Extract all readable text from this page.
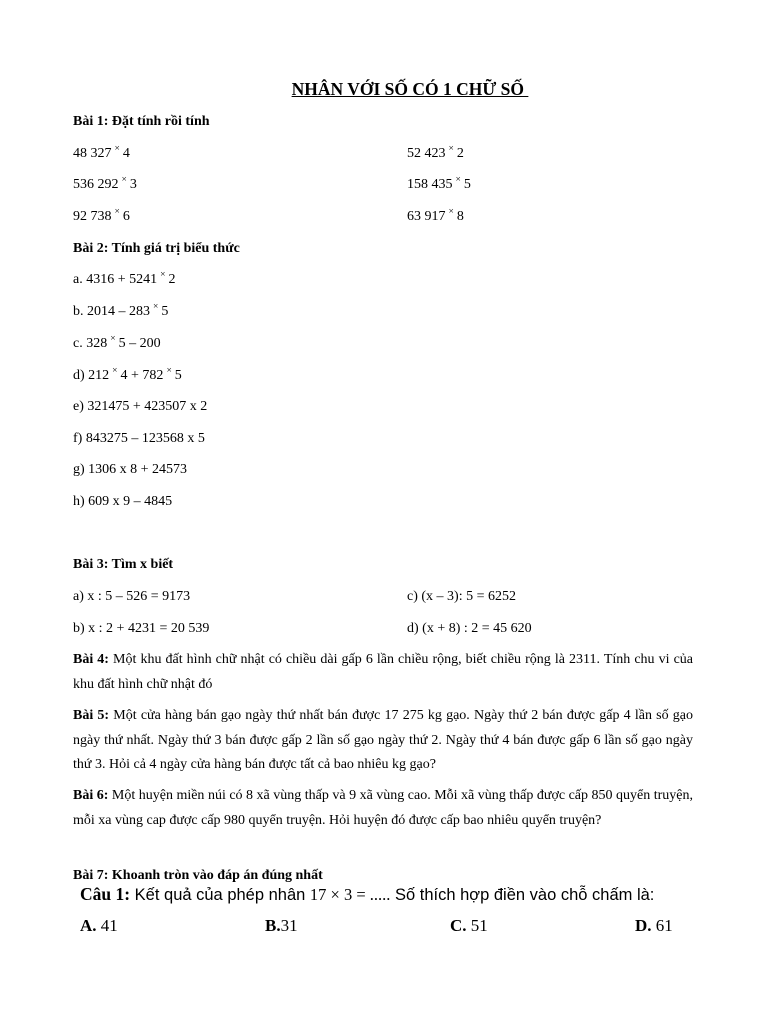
NHÂN VỚI SỐ CÓ 1 CHỮ SỐ
Bài 1: Đặt tính rồi tính
48 327 × 4	52 423 × 2
536 292 × 3	158 435 × 5
92 738 × 6	63 917 × 8
Bài 2: Tính giá trị biểu thức
a. 4316 + 5241 × 2
b. 2014 – 283 × 5
c. 328 × 5 – 200
d) 212 × 4 + 782 × 5
e) 321475 + 423507 x 2
f) 843275 – 123568 x 5
g) 1306 x 8 + 24573
h) 609 x 9 – 4845
Bài 3: Tìm x biết
a) x : 5 – 526 = 9173	c) (x – 3): 5 = 6252
b) x : 2 + 4231 = 20 539	d) (x + 8) : 2 = 45 620
Bài 4: Một khu đất hình chữ nhật có chiều dài gấp 6 lần chiều rộng, biết chiều rộng là 2311. Tính chu vi của khu đất hình chữ nhật đó
Bài 5: Một cửa hàng bán gạo ngày thứ nhất bán được 17 275 kg gạo. Ngày thứ 2 bán được gấp 4 lần số gạo ngày thứ nhất. Ngày thứ 3 bán được gấp 2 lần số gạo ngày thứ 2. Ngày thứ 4 bán được gấp 6 lần số gạo ngày thứ 3. Hỏi cả 4 ngày cửa hàng bán được tất cả bao nhiêu kg gạo?
Bài 6: Một huyện miền núi có 8 xã vùng thấp và 9 xã vùng cao. Mỗi xã vùng thấp được cấp 850 quyển truyện, mỗi xa vùng cap được cấp 980 quyển truyện. Hỏi huyện đó được cấp bao nhiêu quyển truyện?
Bài 7: Khoanh tròn vào đáp án đúng nhất
Câu 1: Kết quả của phép nhân 17 × 3 = ..... Số thích hợp điền vào chỗ chấm là:
A. 41	B.31	C. 51	D. 61
